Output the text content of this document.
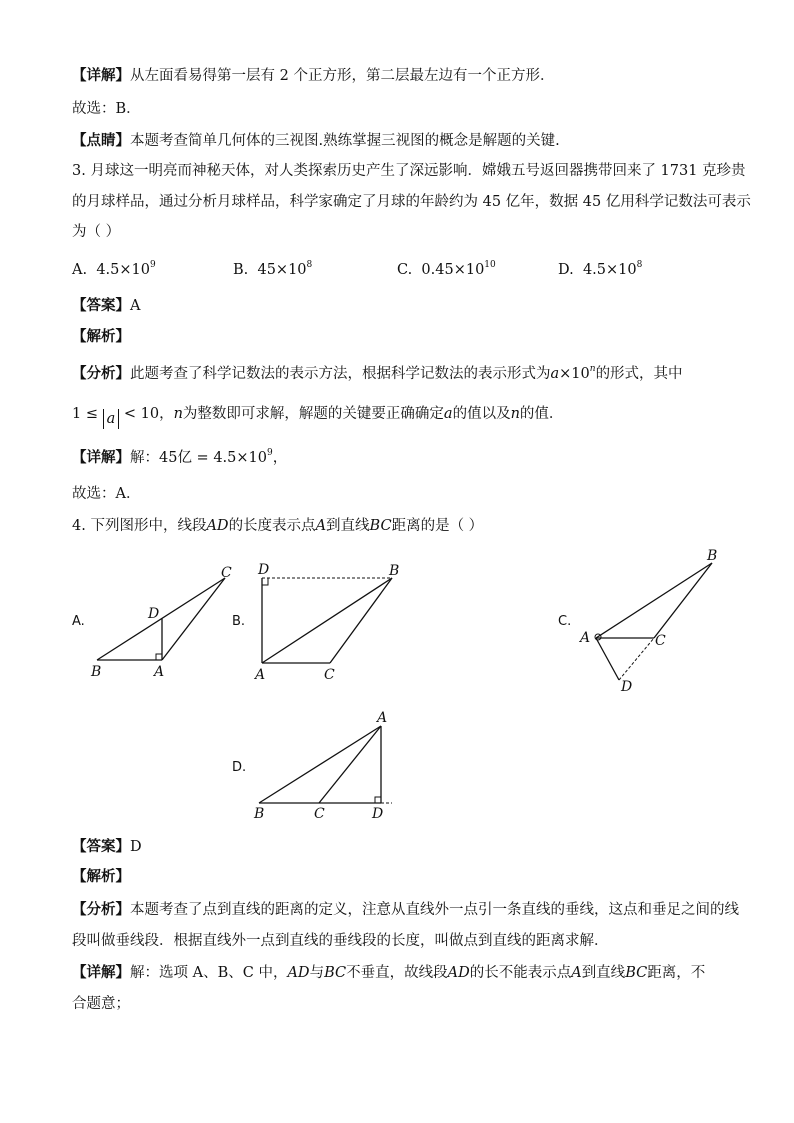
【详解】从左面看易得第一层有 2 个正方形，第二层最左边有一个正方形．
故选：B．
【点睛】本题考查简单几何体的三视图.熟练掌握三视图的概念是解题的关键.
3. 月球这一明亮而神秘天体，对人类探索历史产生了深远影响．嫦娥五号返回器携带回来了 1731 克珍贵
的月球样品，通过分析月球样品，科学家确定了月球的年龄约为 45 亿年，数据 45 亿用科学记数法可表示
为（ ）
A. $4.5\times 10^9$	B. $45\times 10^8$	C. $0.45\times 10^{10}$	D. $4.5\times 10^8$
【答案】A
【解析】
【分析】此题考查了科学记数法的表示方法，根据科学记数法的表示形式为$a\times 10^n$的形式，其中
1 ≤ a < 10，n为整数即可求解，解题的关键要正确确定a的值以及n的值．
【详解】解：45亿 = $4.5\times 10^9$，
故选：A．
4. 下列图形中，线段AD的长度表示点A到直线BC距离的是（ ）
A.	B.	C.
D.
B	A
D
C D	B
A	C
B
A	C
D
A
B	C	D
【答案】D
【解析】
【分析】本题考查了点到直线的距离的定义，注意从直线外一点引一条直线的垂线，这点和垂足之间的线
段叫做垂线段．根据直线外一点到直线的垂线段的长度，叫做点到直线的距离求解．
【详解】解：选项 A、B、C 中，AD与BC不垂直，故线段AD的长不能表示点A到直线BC距离，不
合题意；
